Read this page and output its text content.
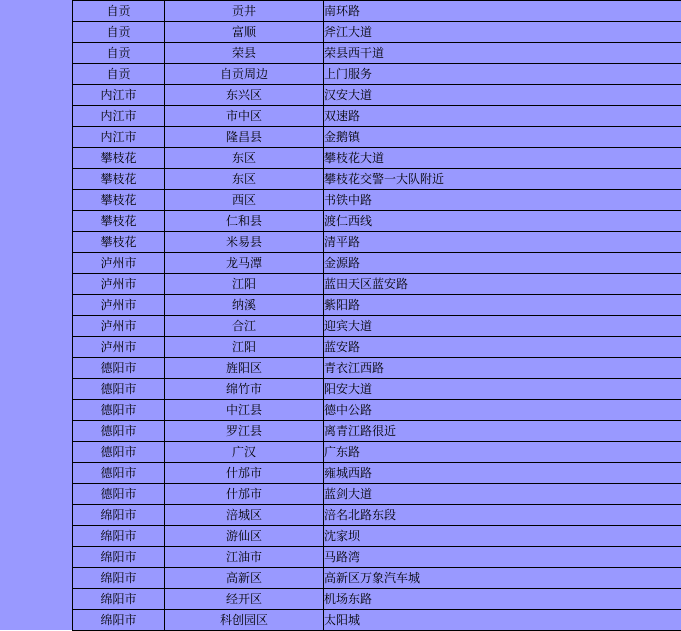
自贡	贡井	南环路
自贡	富顺	斧江大道
自贡	荣县	荣县西干道
自贡	自贡周边	上门服务
内江市	东兴区	汉安大道
内江市	市中区	双速路
内江市	隆昌县	金鹅镇
攀枝花	东区	攀枝花大道
攀枝花	东区	攀枝花交警一大队附近
攀枝花	西区	书铁中路
攀枝花	仁和县	渡仁西线
攀枝花	米易县	清平路
泸州市	龙马潭	金源路
泸州市	江阳	蓝田天区蓝安路
泸州市	纳溪	紫阳路
泸州市	合江	迎宾大道
泸州市	江阳	蓝安路
德阳市	旌阳区	青衣江西路
德阳市	绵竹市	阳安大道
德阳市	中江县	德中公路
德阳市	罗江县	离青江路很近
德阳市	广汉	广东路
德阳市	什邡市	雍城西路
德阳市	什邡市	蓝剑大道
绵阳市	涪城区	涪名北路东段
绵阳市	游仙区	沈家坝
绵阳市	江油市	马路湾
绵阳市	高新区	高新区万象汽车城
绵阳市	经开区	机场东路
绵阳市	科创园区	太阳城
